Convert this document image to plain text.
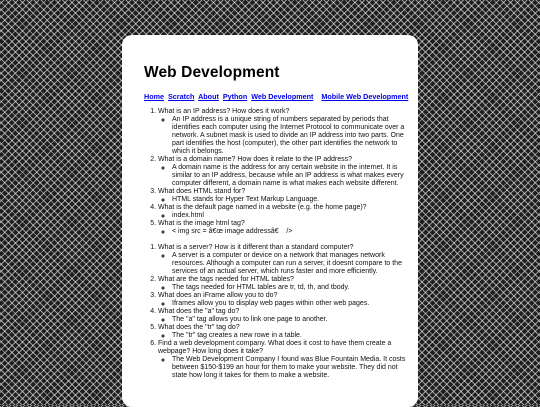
Web Development
Home Scratch About Python Web Development Mobile Web Development
1. What is an IP address? How does it work?
◦ An IP address is a unique string of numbers separated by periods that identifies each computer using the Internet Protocol to communicate over a network. A subnet mask is used to divide an IP address into two parts. One part identifies the host (computer), the other part identifies the network to which it belongs.
2. What is a domain name? How does it relate to the IP address?
◦ A domain name is the address for any certain website in the internet. It is similar to an IP address, because while an IP address is what makes every computer different, a domain name is what makes each website different.
3. What does HTML stand for?
◦ HTML stands for Hyper Text Markup Language.
4. What is the default page named in a website (e.g. the home page)?
◦ index.html
5. What is the image html tag?
◦ < img src = â€œ image addressâ€    />
1. What is a server? How is it different than a standard computer?
◦ A server is a computer or device on a network that manages network resources. Although a computer can run a server, it doesnt compare to the services of an actual server, which runs faster and more efficiently.
2. What are the tags needed for HTML tables?
◦ The tags needed for HTML tables are tr, td, th, and tbody.
3. What does an iFrame allow you to do?
◦ Iframes allow you to display web pages within other web pages.
4. What does the "a" tag do?
◦ The "a" tag allows you to link one page to another.
5. What does the "tr" tag do?
◦ The "tr" tag creates a new rowe in a table.
6. Find a web development company. What does it cost to have them create a webpage? How long does it take?
◦ The Web Development Company I found was Blue Fountain Media. It costs between $150-$199 an hour for them to make your website. They did not state how long it takes for them to make a website.
